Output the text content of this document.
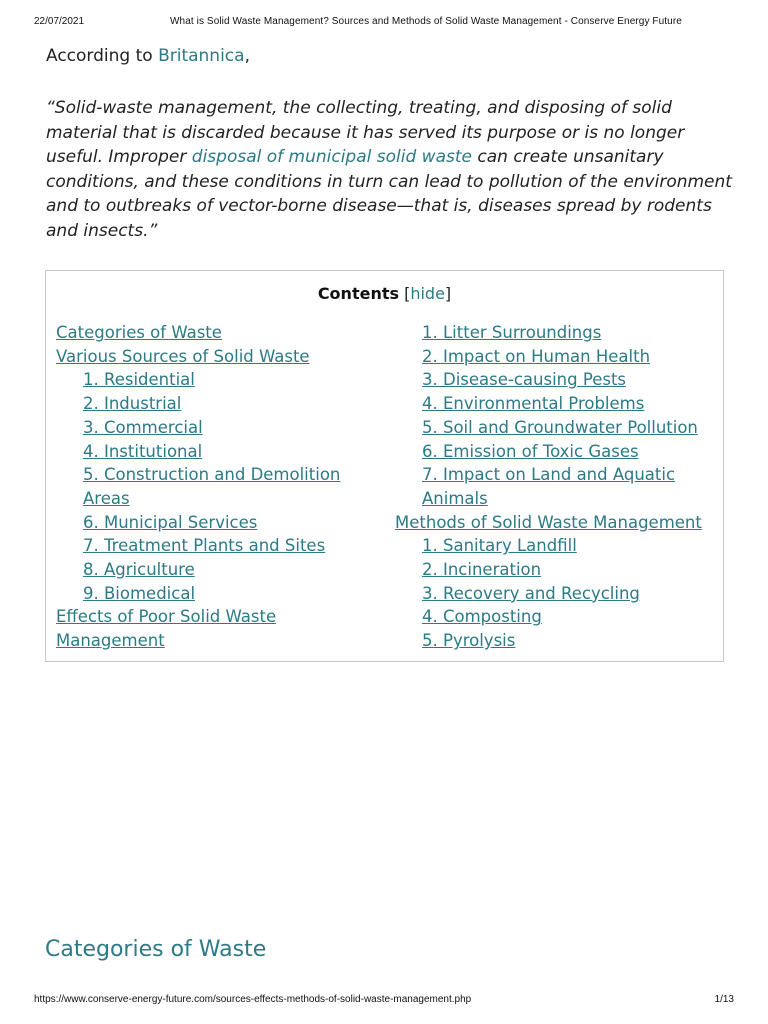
22/07/2021	What is Solid Waste Management? Sources and Methods of Solid Waste Management - Conserve Energy Future
According to Britannica,
“Solid-waste management, the collecting, treating, and disposing of solid material that is discarded because it has served its purpose or is no longer useful. Improper disposal of municipal solid waste can create unsanitary conditions, and these conditions in turn can lead to pollution of the environment and to outbreaks of vector-borne disease—that is, diseases spread by rodents and insects.”
Contents [hide]
Categories of Waste
Various Sources of Solid Waste
1. Residential
2. Industrial
3. Commercial
4. Institutional
5. Construction and Demolition Areas
6. Municipal Services
7. Treatment Plants and Sites
8. Agriculture
9. Biomedical
Effects of Poor Solid Waste Management
1. Litter Surroundings
2. Impact on Human Health
3. Disease-causing Pests
4. Environmental Problems
5. Soil and Groundwater Pollution
6. Emission of Toxic Gases
7. Impact on Land and Aquatic Animals
Methods of Solid Waste Management
1. Sanitary Landfill
2. Incineration
3. Recovery and Recycling
4. Composting
5. Pyrolysis
Categories of Waste
https://www.conserve-energy-future.com/sources-effects-methods-of-solid-waste-management.php	1/13
